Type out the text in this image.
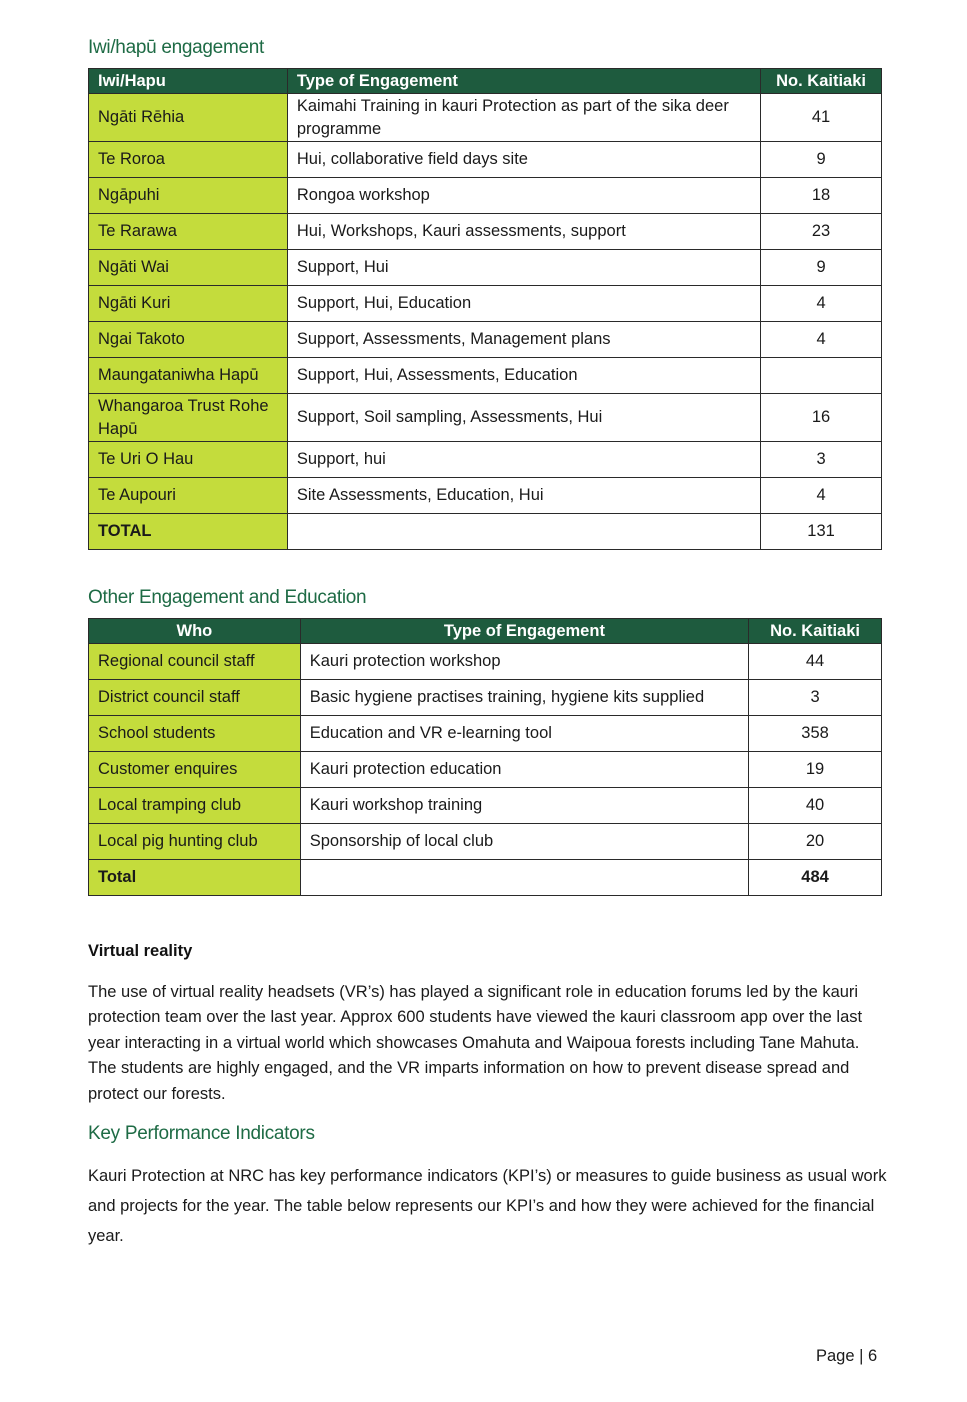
Iwi/hapū engagement
Iwi/Hapu	Type of Engagement	No. Kaitiaki
Ngāti Rēhia	Kaimahi Training in kauri Protection as part of the sika deer programme	41
Te Roroa	Hui, collaborative field days site	9
Ngāpuhi	Rongoa workshop	18
Te Rarawa	Hui, Workshops, Kauri assessments, support	23
Ngāti Wai	Support, Hui	9
Ngāti Kuri	Support, Hui, Education	4
Ngai Takoto	Support, Assessments, Management plans	4
Maungataniwha Hapū	Support, Hui, Assessments, Education	
Whangaroa Trust Rohe Hapū	Support, Soil sampling, Assessments, Hui	16
Te Uri O Hau	Support, hui	3
Te Aupouri	Site Assessments, Education, Hui	4
TOTAL		131
Other Engagement and Education
Who	Type of Engagement	No. Kaitiaki
Regional council staff	Kauri protection workshop	44
District council staff	Basic hygiene practises training, hygiene kits supplied	3
School students	Education and VR e-learning tool	358
Customer enquires	Kauri protection education	19
Local tramping club	Kauri workshop training	40
Local pig hunting club	Sponsorship of local club	20
Total		484
Virtual reality

The use of virtual reality headsets (VR’s) has played a significant role in education forums led by the kauri protection team over the last year. Approx 600 students have viewed the kauri classroom app over the last year interacting in a virtual world which showcases Omahuta and Waipoua forests including Tane Mahuta. The students are highly engaged, and the VR imparts information on how to prevent disease spread and protect our forests.

Key Performance Indicators

Kauri Protection at NRC has key performance indicators (KPI’s) or measures to guide business as usual work and projects for the year. The table below represents our KPI’s and how they were achieved for the financial year.

Page | 6
